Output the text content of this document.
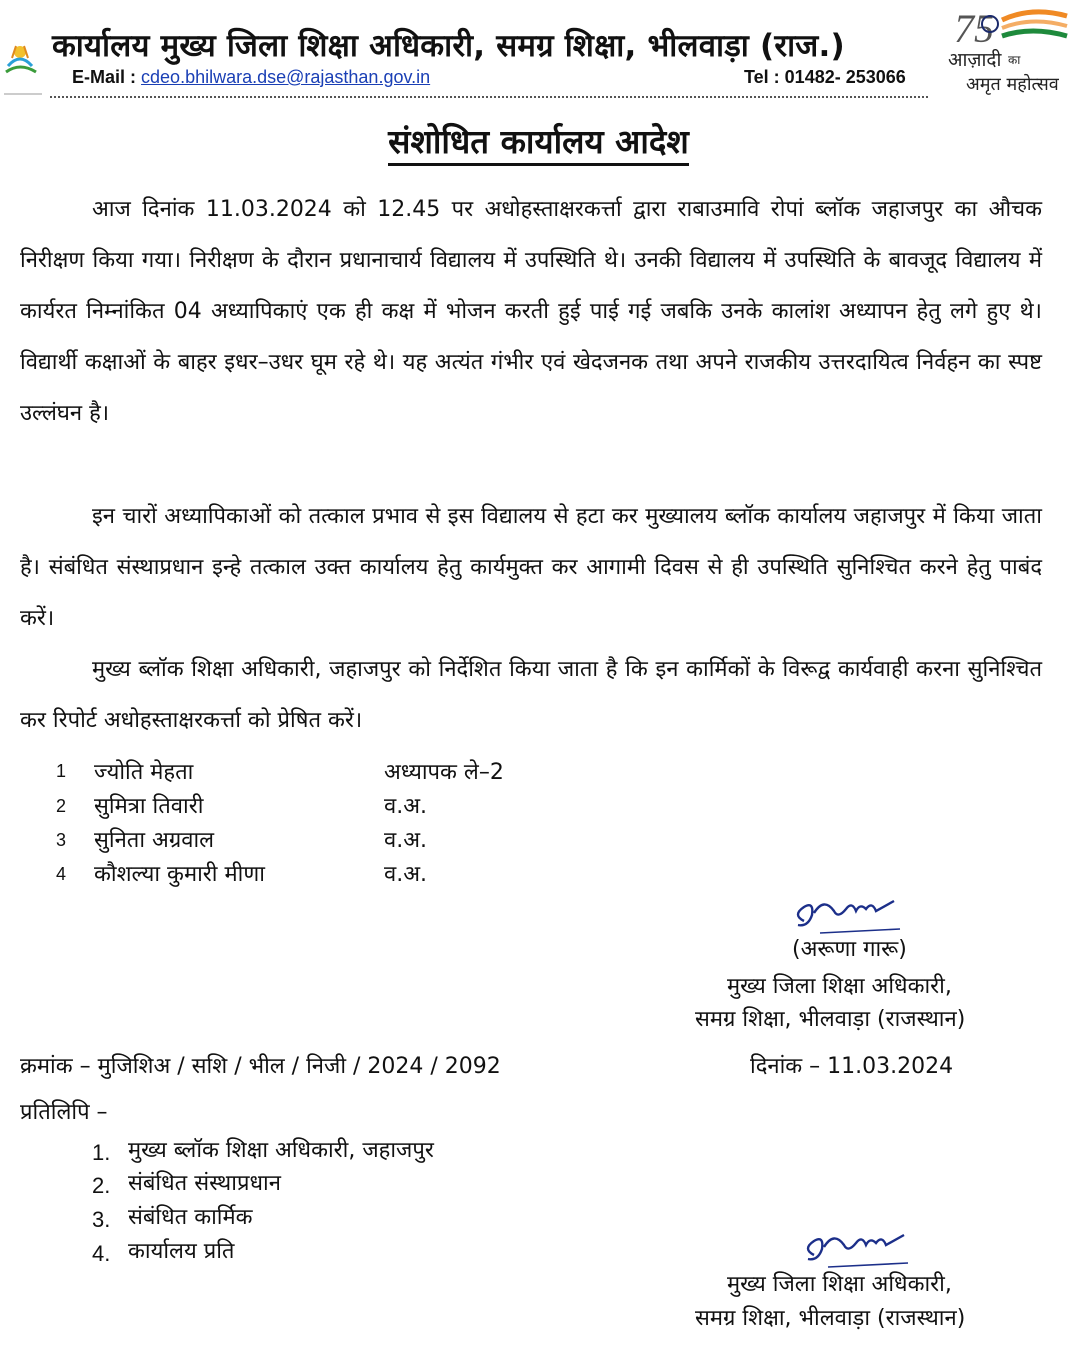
कार्यालय मुख्य जिला शिक्षा अधिकारी, समग्र शिक्षा, भीलवाड़ा (राज.)
E-Mail : cdeo.bhilwara.dse@rajasthan.gov.in	Tel : 01482- 253066
75
आज़ादी का
अमृत महोत्सव
संशोधित कार्यालय आदेश

आज दिनांक 11.03.2024 को 12.45 पर अधोहस्ताक्षरकर्त्ता द्वारा राबाउमावि रोपां ब्लॉक जहाजपुर का औचक निरीक्षण किया गया। निरीक्षण के दौरान प्रधानाचार्य विद्यालय में उपस्थिति थे। उनकी विद्यालय में उपस्थिति के बावजूद विद्यालय में कार्यरत निम्नांकित 04 अध्यापिकाएं एक ही कक्ष में भोजन करती हुई पाई गई जबकि उनके कालांश अध्यापन हेतु लगे हुए थे। विद्यार्थी कक्षाओं के बाहर इधर–उधर घूम रहे थे। यह अत्यंत गंभीर एवं खेदजनक तथा अपने राजकीय उत्तरदायित्व निर्वहन का स्पष्ट उल्लंघन है।

इन चारों अध्यापिकाओं को तत्काल प्रभाव से इस विद्यालय से हटा कर मुख्यालय ब्लॉक कार्यालय जहाजपुर में किया जाता है। संबंधित संस्थाप्रधान इन्हे तत्काल उक्त कार्यालय हेतु कार्यमुक्त कर आगामी दिवस से ही उपस्थिति सुनिश्चित करने हेतु पाबंद करें।

मुख्य ब्लॉक शिक्षा अधिकारी, जहाजपुर को निर्देशित किया जाता है कि इन कार्मिकों के विरूद्व कार्यवाही करना सुनिश्चित कर रिपोर्ट अधोहस्ताक्षरकर्त्ता को प्रेषित करें।

1 ज्योति मेहता	अध्यापक ले–2
2 सुमित्रा तिवारी	व.अ.
3 सुनिता अग्रवाल	व.अ.
4 कौशल्या कुमारी मीणा	व.अ.
(अरूणा गारू)
मुख्य जिला शिक्षा अधिकारी,
समग्र शिक्षा, भीलवाड़ा (राजस्थान)
क्रमांक – मुजिशिअ / सशि / भील / निजी / 2024 / 2092	दिनांक – 11.03.2024
प्रतिलिपि –
1. मुख्य ब्लॉक शिक्षा अधिकारी, जहाजपुर
2. संबंधित संस्थाप्रधान
3. संबंधित कार्मिक
4. कार्यालय प्रति
मुख्य जिला शिक्षा अधिकारी,
समग्र शिक्षा, भीलवाड़ा (राजस्थान)
